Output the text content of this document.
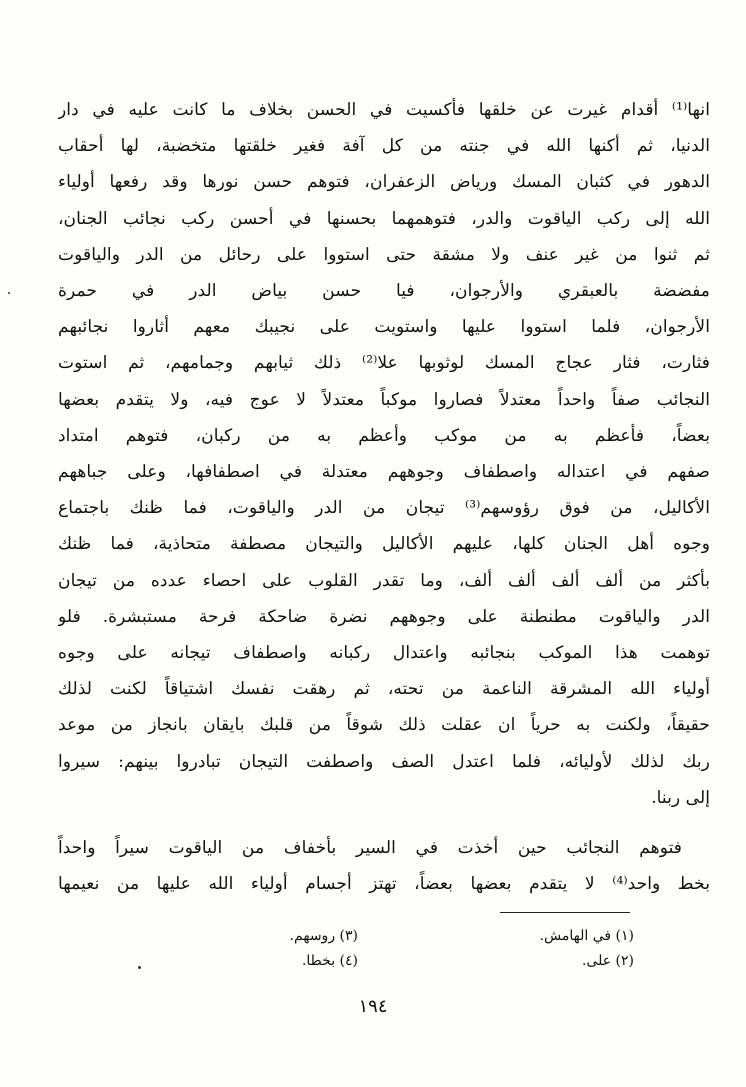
انها⁽¹⁾ أقدام غيرت عن خلقها فأكسيت في الحسن بخلاف ما كانت عليه في دار
الدنيا، ثم أكنها الله في جنته من كل آفة فغير خلقتها متخضبة، لها أحقاب
الدهور في كثبان المسك ورياض الزعفران، فتوهم حسن نورها وقد رفعها أولياء
الله إلى ركب الياقوت والدر، فتوهمهما بحسنها في أحسن ركب نجائب الجنان،
ثم ثنوا من غير عنف ولا مشقة حتى استووا على رحائل من الدر والياقوت
مفضضة بالعبقري والأرجوان، فيا حسن بياض الدر في حمرة
الأرجوان، فلما استووا عليها واستويت على نجيبك معهم أثاروا نجائبهم
فثارت، فثار عجاج المسك لوثوبها علا⁽²⁾ ذلك ثيابهم وجمامهم، ثم استوت
النجائب صفاً واحداً معتدلاً فصاروا موكباً معتدلاً لا عوج فيه، ولا يتقدم بعضها
بعضاً، فأعظم به من موكب وأعظم به من ركبان، فتوهم امتداد
صفهم في اعتداله واصطفاف وجوههم معتدلة في اصطفافها، وعلى جباههم
الأكاليل، من فوق رؤوسهم⁽³⁾ تيجان من الدر والياقوت، فما ظنك باجتماع
وجوه أهل الجنان كلها، عليهم الأكاليل والتيجان مصطفة متحاذية، فما ظنك
بأكثر من ألف ألف ألف ألف، وما تقدر القلوب على احصاء عدده من تيجان
الدر والياقوت مطنطنة على وجوههم نضرة ضاحكة فرحة مستبشرة. فلو
توهمت هذا الموكب بنجائبه واعتدال ركبانه واصطفاف تيجانه على وجوه
أولياء الله المشرقة الناعمة من تحته، ثم رهقت نفسك اشتياقاً لكنت لذلك
حقيقاً، ولكنت به حرياً ان عقلت ذلك شوقاً من قلبك بايقان بانجاز من موعد
ربك لذلك لأوليائه، فلما اعتدل الصف واصطفت التيجان تبادروا بينهم: سيروا
إلى ربنا.
فتوهم النجائب حين أخذت في السير بأخفاف من الياقوت سيراً واحداً
بخط واحد⁽⁴⁾ لا يتقدم بعضها بعضاً، تهتز أجسام أولياء الله عليها من نعيمها
(١) في الهامش.
(٢) على.
(٣) روسهم.
(٤) بخطا.
١٩٤
